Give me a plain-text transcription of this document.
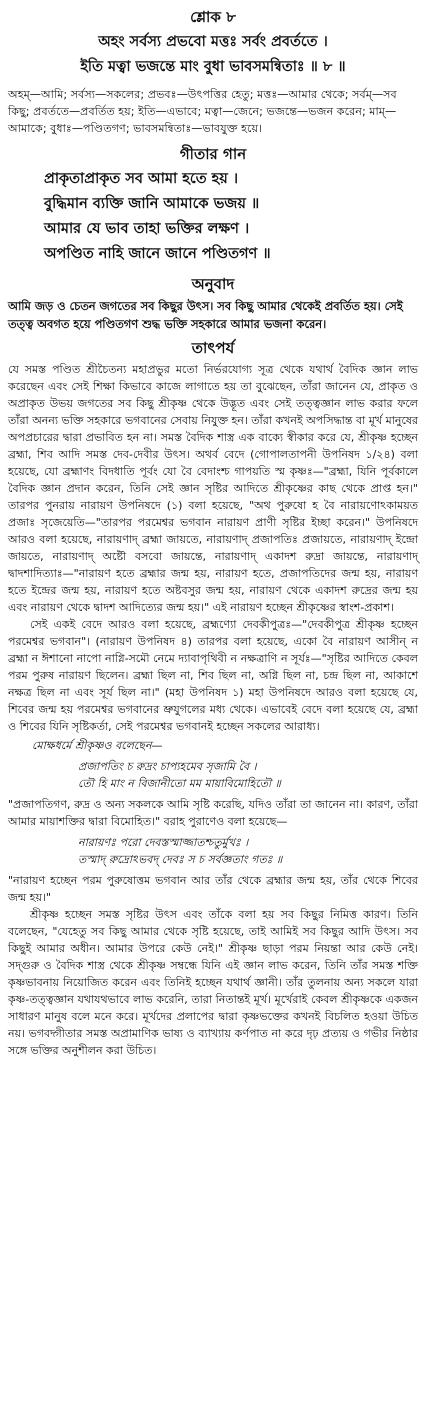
শ্লোক ৮
অহং সর্বস্য প্রভবো মত্তঃ সর্বং প্রবর্ততে ।
ইতি মত্বা ভজন্তে মাং বুধা ভাবসমন্বিতাঃ ॥ ৮ ॥
অহম্—আমি; সর্বস্য—সকলের; প্রভবঃ—উৎপত্তির হেতু; মত্তঃ—আমার থেকে; সর্বম্—সব কিছু; প্রবর্ততে—প্রবর্তিত হয়; ইতি—এভাবে; মত্বা—জেনে; ভজন্তে—ভজন করেন; মাম্—আমাকে; বুধাঃ—পণ্ডিতগণ; ভাবসমন্বিতাঃ—ভাবযুক্ত হয়ে।
গীতার গান
প্রাকৃতাপ্রাকৃত সব আমা হতে হয় ।
বুদ্ধিমান ব্যক্তি জানি আমাকে ভজয় ॥
আমার যে ভাব তাহা ভক্তির লক্ষণ ।
অপণ্ডিত নাহি জানে জানে পণ্ডিতগণ ॥
অনুবাদ
আমি জড় ও চেতন জগতের সব কিছুর উৎস। সব কিছু আমার থেকেই প্রবর্তিত হয়। সেই তত্ত্ব অবগত হয়ে পণ্ডিতগণ শুদ্ধ ভক্তি সহকারে আমার ভজনা করেন।
তাৎপর্য

যে সমস্ত পণ্ডিত শ্রীচৈতন্য মহাপ্রভুর মতো নির্ভরযোগ্য সূত্র থেকে যথার্থ বৈদিক জ্ঞান লাভ করেছেন এবং সেই শিক্ষা কিভাবে কাজে লাগাতে হয় তা বুঝেছেন, তাঁরা জানেন যে, প্রাকৃত ও অপ্রাকৃত উভয় জগতের সব কিছু শ্রীকৃষ্ণ থেকে উদ্ভূত এবং সেই তত্ত্বজ্ঞান লাভ করার ফলে তাঁরা অনন্য ভক্তি সহকারে ভগবানের সেবায় নিযুক্ত হন। তাঁরা কখনই অপসিদ্ধান্ত বা মূর্খ মানুষের অপপ্রচারের দ্বারা প্রভাবিত হন না। সমস্ত বৈদিক শাস্ত্র এক বাক্যে স্বীকার করে যে, শ্রীকৃষ্ণ হচ্ছেন ব্রহ্মা, শিব আদি সমস্ত দেব-দেবীর উৎস। অথর্ব বেদে (গোপালতাপনী উপনিষদ ১/২৪) বলা হয়েছে, যো ব্রহ্মাণং বিদধাতি পূর্বং যো বৈ বেদাংশ্চ গাপয়তি স্ম কৃষ্ণঃ—"ব্রহ্মা, যিনি পূর্বকালে বৈদিক জ্ঞান প্রদান করেন, তিনি সেই জ্ঞান সৃষ্টির আদিতে শ্রীকৃষ্ণের কাছ থেকে প্রাপ্ত হন।" তারপর পুনরায় নারায়ণ উপনিষদে (১) বলা হয়েছে, "অথ পুরুষো হ বৈ নারায়ণোঽকাময়ত প্রজাঃ সৃজেয়েতি—"তারপর পরমেশ্বর ভগবান নারায়ণ প্রাণী সৃষ্টির ইচ্ছা করেন।" উপনিষদে আরও বলা হয়েছে, নারায়ণাদ্ ব্রহ্মা জায়তে, নারায়ণাদ্ প্রজাপতিঃ প্রজায়তে, নারায়ণাদ্ ইন্দ্রো জায়তে, নারায়ণাদ্ অষ্টৌ বসবো জায়ন্তে, নারায়ণাদ্ একাদশ রুদ্রা জায়ন্তে, নারায়ণাদ্ দ্বাদশাদিত্যাঃ—"নারায়ণ হতে ব্রহ্মার জন্ম হয়, নারায়ণ হতে, প্রজাপতিদের জন্ম হয়, নারায়ণ হতে ইন্দ্রের জন্ম হয়, নারায়ণ হতে অষ্টবসুর জন্ম হয়, নারায়ণ থেকে একাদশ রুদ্রের জন্ম হয় এবং নারায়ণ থেকে দ্বাদশ আদিত্যের জন্ম হয়।" এই নারায়ণ হচ্ছেন শ্রীকৃষ্ণের স্বাংশ-প্রকাশ।

সেই একই বেদে আরও বলা হয়েছে, ব্রহ্মণ্যো দেবকীপুত্রঃ—"দেবকীপুত্র শ্রীকৃষ্ণ হচ্ছেন পরমেশ্বর ভগবান"। (নারায়ণ উপনিষদ ৪) তারপর বলা হয়েছে, একো বৈ নারায়ণ আসীন্ ন ব্রহ্মা ন ঈশানো নাপো নাগ্নি-সমৌ নেমে দ্যাবাপৃথিবী ন নক্ষত্রাণি ন সূর্যঃ—"সৃষ্টির আদিতে কেবল পরম পুরুষ নারায়ণ ছিলেন। ব্রহ্মা ছিল না, শিব ছিল না, অগ্নি ছিল না, চন্দ্র ছিল না, আকাশে নক্ষত্র ছিল না এবং সূর্য ছিল না।" (মহা উপনিষদ ১) মহা উপনিষদে আরও বলা হয়েছে যে, শিবের জন্ম হয় পরমেশ্বর ভগবানের ভ্রুযুগলের মধ্য থেকে। এভাবেই বেদে বলা হয়েছে যে, ব্রহ্মা ও শিবের যিনি সৃষ্টিকর্তা, সেই পরমেশ্বর ভগবানই হচ্ছেন সকলের আরাধ্য।

মোক্ষধর্মে শ্রীকৃষ্ণও বলেছেন—
প্রজাপতিং চ রুদ্রং চাপ্যহমেব সৃজামি বৈ ।
তৌ হি মাং ন বিজানীতো মম মায়াবিমোহিতৌ ॥

"প্রজাপতিগণ, রুদ্র ও অন্য সকলকে আমি সৃষ্টি করেছি, যদিও তাঁরা তা জানেন না। কারণ, তাঁরা আমার মায়াশক্তির দ্বারা বিমোহিত।" বরাহ পুরাণেও বলা হয়েছে—

নারায়ণঃ পরো দেবস্তস্মাজ্জাতশ্চতুর্মুখঃ ।
তস্মাদ্ রুদ্রোঽভবদ্ দেবঃ স চ সর্বজ্ঞতাং গতঃ ॥

"নারায়ণ হচ্ছেন পরম পুরুষোত্তম ভগবান আর তাঁর থেকে ব্রহ্মার জন্ম হয়, তাঁর থেকে শিবের জন্ম হয়।"

শ্রীকৃষ্ণ হচ্ছেন সমস্ত সৃষ্টির উৎস এবং তাঁকে বলা হয় সব কিছুর নিমিত্ত কারণ। তিনি বলেছেন, "যেহেতু সব কিছু আমার থেকে সৃষ্টি হয়েছে, তাই আমিই সব কিছুর আদি উৎস। সব কিছুই আমার অধীন। আমার উপরে কেউ নেই।" শ্রীকৃষ্ণ ছাড়া পরম নিয়ন্তা আর কেউ নেই। সদ্গুরু ও বৈদিক শাস্ত্র থেকে শ্রীকৃষ্ণ সম্বন্ধে যিনি এই জ্ঞান লাভ করেন, তিনি তাঁর সমস্ত শক্তি কৃষ্ণভাবনায় নিয়োজিত করেন এবং তিনিই হচ্ছেন যথার্থ জ্ঞানী। তাঁর তুলনায় অন্য সকলে যারা কৃষ্ণ-তত্ত্বজ্ঞান যথাযথভাবে লাভ করেনি, তারা নিতান্তই মূর্খ। মূর্খেরাই কেবল শ্রীকৃষ্ণকে একজন সাধারণ মানুষ বলে মনে করে। মূর্খদের প্রলাপের দ্বারা কৃষ্ণভক্তের কখনই বিচলিত হওয়া উচিত নয়। ভগবদ্গীতার সমস্ত অপ্রামাণিক ভাষ্য ও ব্যাখ্যায় কর্ণপাত না করে দৃঢ় প্রত্যয় ও গভীর নিষ্ঠার সঙ্গে ভক্তির অনুশীলন করা উচিত।
